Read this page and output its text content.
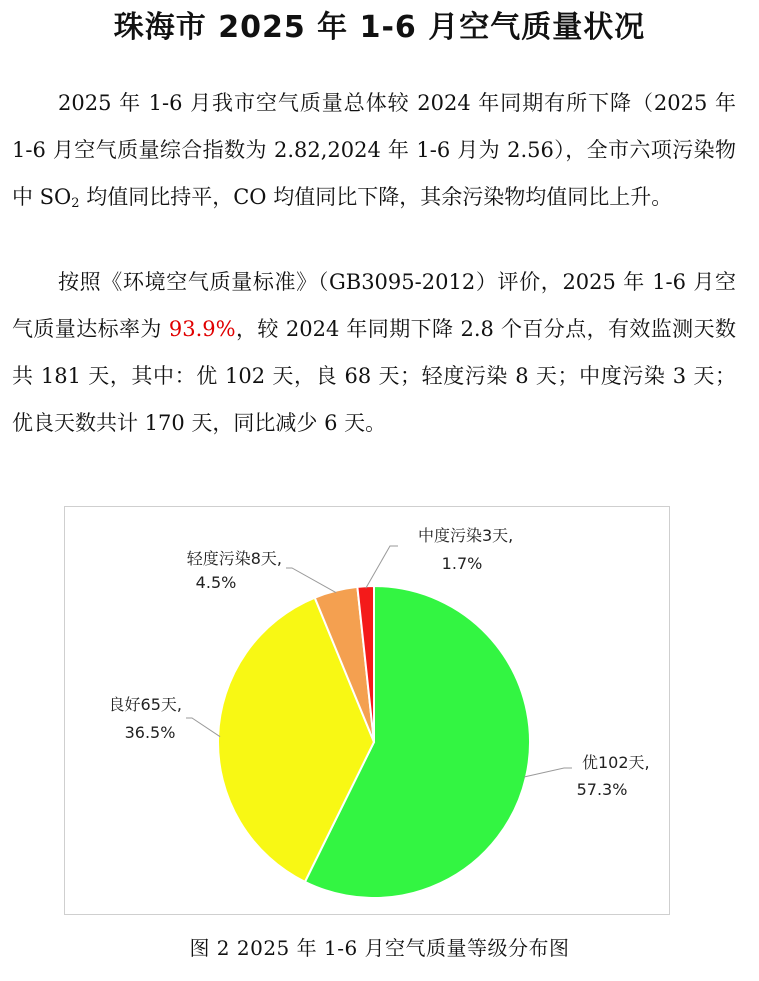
珠海市 2025 年 1-6 月空气质量状况

2025 年 1-6 月我市空气质量总体较 2024 年同期有所下降（2025 年 1-6 月空气质量综合指数为 2.82,2024 年 1-6 月为 2.56），全市六项污染物中 $SO_2$ 均值同比持平，CO 均值同比下降，其余污染物均值同比上升。

按照《环境空气质量标准》（GB3095-2012）评价，2025 年 1-6 月空气质量达标率为 93.9%，较 2024 年同期下降 2.8 个百分点，有效监测天数共 181 天，其中：优 102 天，良 68 天；轻度污染 8 天；中度污染 3 天；优良天数共计 170 天，同比减少 6 天。

优102天,
57.3%
良好65天,
36.5%
轻度污染8天,
4.5%
中度污染3天,
1.7%
图 2 2025 年 1-6 月空气质量等级分布图
